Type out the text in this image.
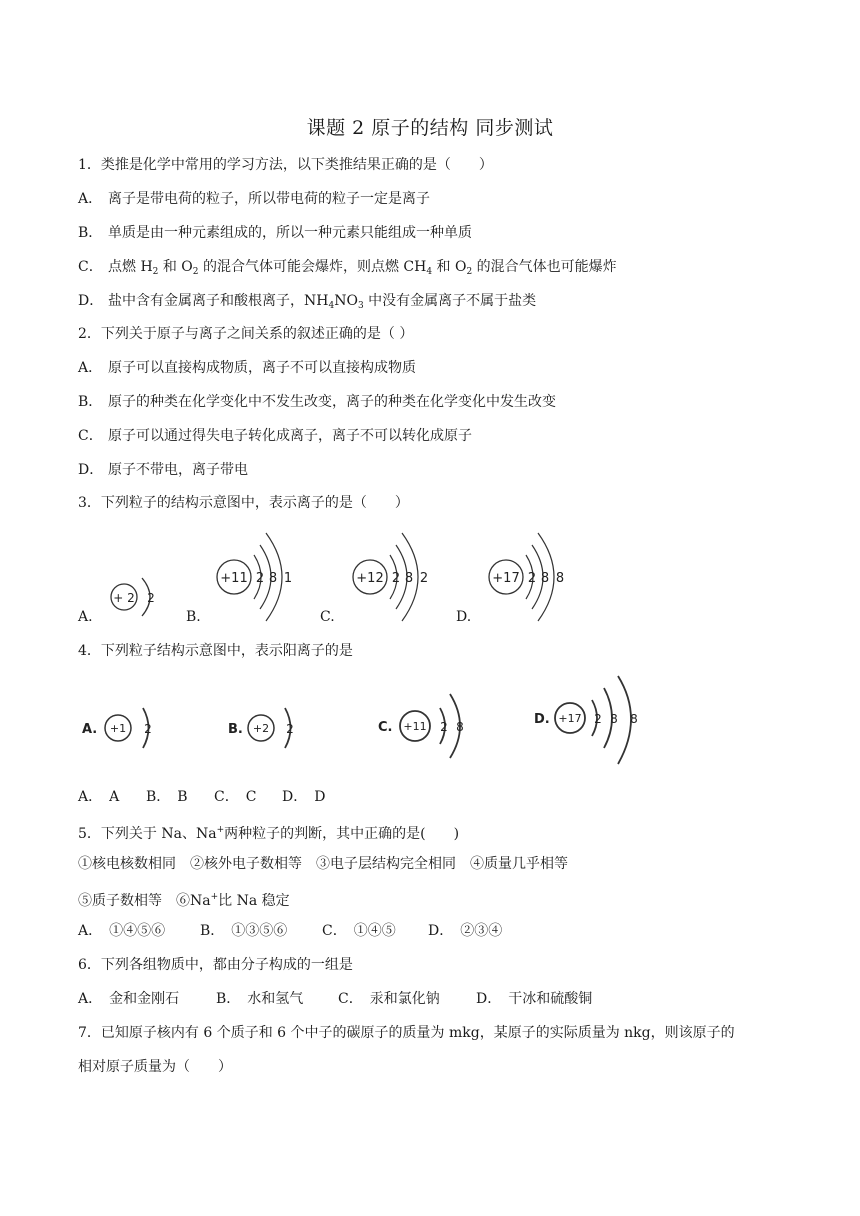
课题 2 原子的结构 同步测试
1．类推是化学中常用的学习方法，以下类推结果正确的是（　　）
A． 离子是带电荷的粒子，所以带电荷的粒子一定是离子
B． 单质是由一种元素组成的，所以一种元素只能组成一种单质
C． 点燃 $H_2$ 和 $O_2$ 的混合气体可能会爆炸，则点燃 $CH_4$ 和 $O_2$ 的混合气体也可能爆炸
D． 盐中含有金属离子和酸根离子，$NH_4NO_3$ 中没有金属离子不属于盐类
2．下列关于原子与离子之间关系的叙述正确的是（ ）
A． 原子可以直接构成物质，离子不可以直接构成物质
B． 原子的种类在化学变化中不发生改变，离子的种类在化学变化中发生改变
C． 原子可以通过得失电子转化成离子，离子不可以转化成原子
D． 原子不带电，离子带电
3．下列粒子的结构示意图中，表示离子的是（　　）
A.
+ 2 2
B.
+11 2 8 1
C.
+12 2 8 2
D.
+17 2 8 8
4．下列粒子结构示意图中，表示阳离子的是
A. +1 2	B. +2 2	C. +11 2 8	D. +17 2 8 8
A．　A B．　B C．　C D．　D
5．下列关于 Na、Na+两种粒子的判断，其中正确的是(　　)
①核电核数相同　②核外电子数相等　③电子层结构完全相同　④质量几乎相等
⑤质子数相等　⑥Na+比 Na 稳定
A．　①④⑤⑥ B．　①③⑤⑥ C．　①④⑤ D．　②③④
6．下列各组物质中，都由分子构成的一组是
A．　金和金刚石	B．　水和氢气 C．　汞和氯化钠	D．　干冰和硫酸铜
7．已知原子核内有 6 个质子和 6 个中子的碳原子的质量为 mkg，某原子的实际质量为 nkg，则该原子的
相对原子质量为（　　）
